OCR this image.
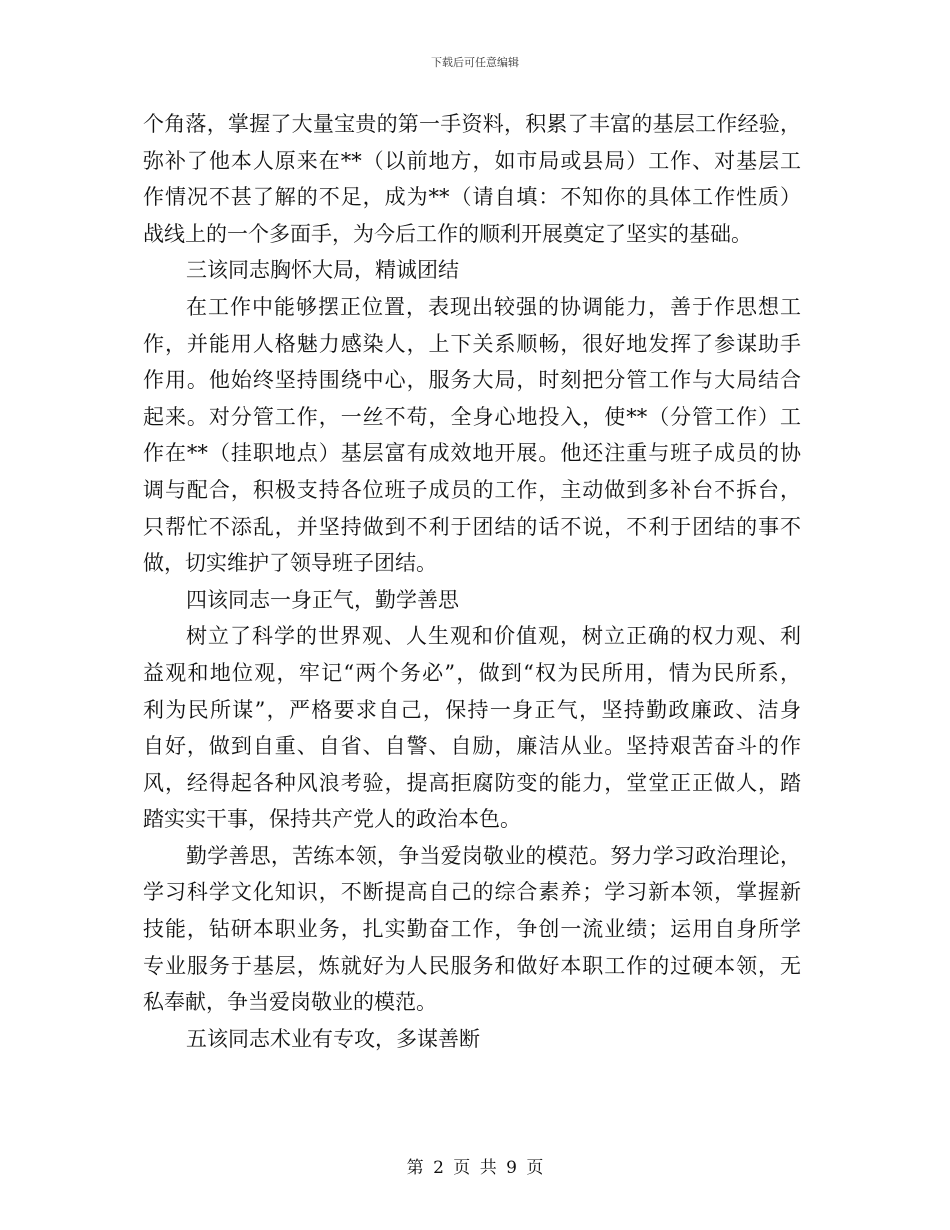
下载后可任意编辑
个角落，掌握了大量宝贵的第一手资料，积累了丰富的基层工作经验，
弥补了他本人原来在**（以前地方，如市局或县局）工作、对基层工
作情况不甚了解的不足，成为**（请自填：不知你的具体工作性质）
战线上的一个多面手，为今后工作的顺利开展奠定了坚实的基础。
三该同志胸怀大局，精诚团结
在工作中能够摆正位置，表现出较强的协调能力，善于作思想工
作，并能用人格魅力感染人，上下关系顺畅，很好地发挥了参谋助手
作用。他始终坚持围绕中心，服务大局，时刻把分管工作与大局结合
起来。对分管工作，一丝不苟，全身心地投入，使**（分管工作）工
作在**（挂职地点）基层富有成效地开展。他还注重与班子成员的协
调与配合，积极支持各位班子成员的工作，主动做到多补台不拆台，
只帮忙不添乱，并坚持做到不利于团结的话不说，不利于团结的事不
做，切实维护了领导班子团结。
四该同志一身正气，勤学善思
树立了科学的世界观、人生观和价值观，树立正确的权力观、利
益观和地位观，牢记“两个务必”，做到“权为民所用，情为民所系，
利为民所谋”，严格要求自己，保持一身正气，坚持勤政廉政、洁身
自好，做到自重、自省、自警、自励，廉洁从业。坚持艰苦奋斗的作
风，经得起各种风浪考验，提高拒腐防变的能力，堂堂正正做人，踏
踏实实干事，保持共产党人的政治本色。
勤学善思，苦练本领，争当爱岗敬业的模范。努力学习政治理论，
学习科学文化知识，不断提高自己的综合素养；学习新本领，掌握新
技能，钻研本职业务，扎实勤奋工作，争创一流业绩；运用自身所学
专业服务于基层，炼就好为人民服务和做好本职工作的过硬本领，无
私奉献，争当爱岗敬业的模范。
五该同志术业有专攻，多谋善断
第 2 页 共 9 页
